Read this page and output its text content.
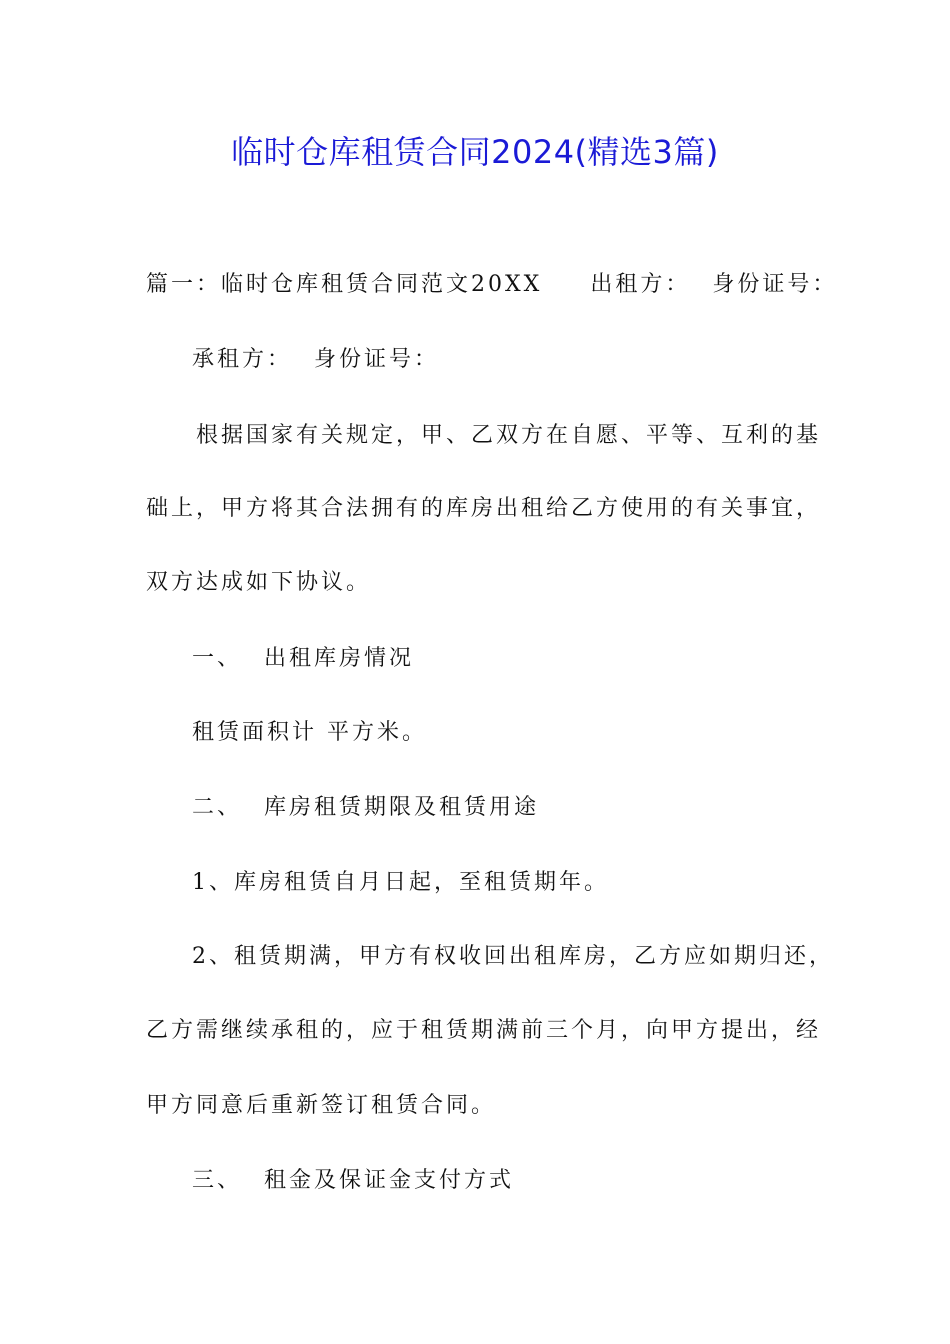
临时仓库租赁合同2024(精选3篇)
篇一：临时仓库租赁合同范文20XX 出租方： 身份证号：
承租方： 身份证号：
根据国家有关规定，甲、乙双方在自愿、平等、互利的基
础上，甲方将其合法拥有的库房出租给乙方使用的有关事宜，
双方达成如下协议。
一、 出租库房情况
租赁面积计 平方米。
二、 库房租赁期限及租赁用途
1、库房租赁自月日起，至租赁期年。
2、租赁期满，甲方有权收回出租库房，乙方应如期归还，
乙方需继续承租的，应于租赁期满前三个月，向甲方提出，经
甲方同意后重新签订租赁合同。
三、 租金及保证金支付方式
